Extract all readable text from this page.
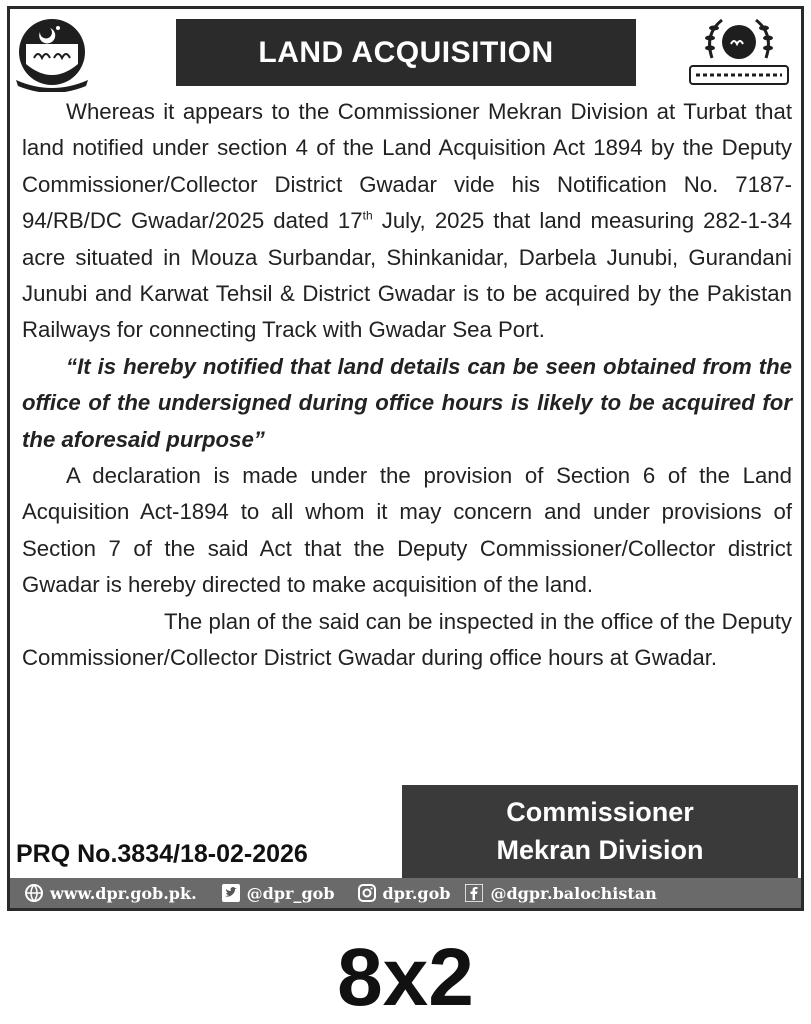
LAND ACQUISITION

Whereas it appears to the Commissioner Mekran Division at Turbat that land notified under section 4 of the Land Acquisition Act 1894 by the Deputy Commissioner/Collector District Gwadar vide his Notification No. 7187-94/RB/DC Gwadar/2025 dated 17th July, 2025 that land measuring 282-1-34 acre situated in Mouza Surbandar, Shinkanidar, Darbela Junubi, Gurandani Junubi and Karwat Tehsil & District Gwadar is to be acquired by the Pakistan Railways for connecting Track with Gwadar Sea Port.

“It is hereby notified that land details can be seen obtained from the office of the undersigned during office hours is likely to be acquired for the aforesaid purpose”

A declaration is made under the provision of Section 6 of the Land Acquisition Act-1894 to all whom it may concern and under provisions of Section 7 of the said Act that the Deputy Commissioner/Collector district Gwadar is hereby directed to make acquisition of the land.

The plan of the said can be inspected in the office of the Deputy Commissioner/Collector District Gwadar during office hours at Gwadar.

Commissioner
Mekran Division
PRQ No.3834/18-02-2026
www.dpr.gob.pk.	@dpr_gob	dpr.gob	@dgpr.balochistan
8x2
